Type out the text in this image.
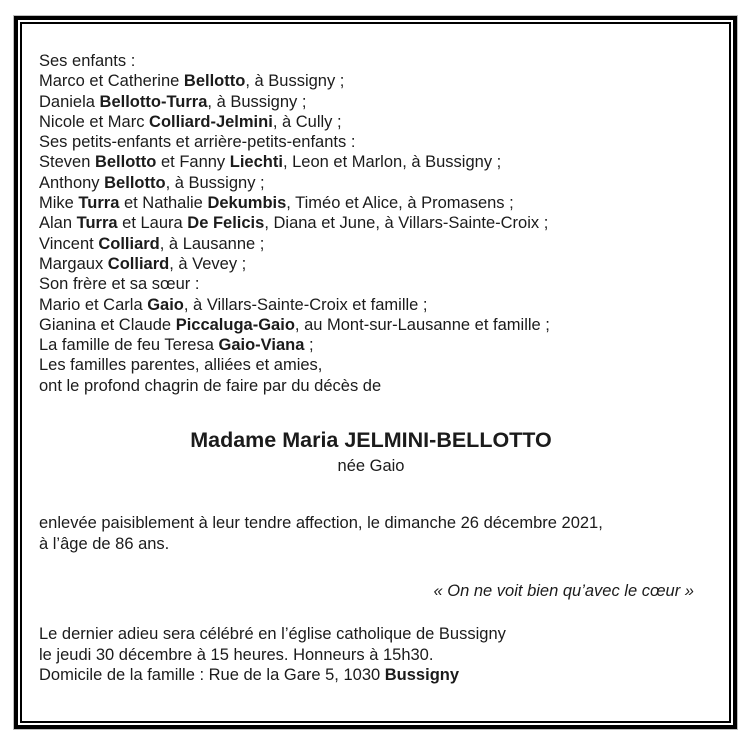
Ses enfants :
Marco et Catherine Bellotto, à Bussigny ;
Daniela Bellotto-Turra, à Bussigny ;
Nicole et Marc Colliard-Jelmini, à Cully ;
Ses petits-enfants et arrière-petits-enfants :
Steven Bellotto et Fanny Liechti, Leon et Marlon, à Bussigny ;
Anthony Bellotto, à Bussigny ;
Mike Turra et Nathalie Dekumbis, Timéo et Alice, à Promasens ;
Alan Turra et Laura De Felicis, Diana et June, à Villars-Sainte-Croix ;
Vincent Colliard, à Lausanne ;
Margaux Colliard, à Vevey ;
Son frère et sa sœur :
Mario et Carla Gaio, à Villars-Sainte-Croix et famille ;
Gianina et Claude Piccaluga-Gaio, au Mont-sur-Lausanne et famille ;
La famille de feu Teresa Gaio-Viana ;
Les familles parentes, alliées et amies,
ont le profond chagrin de faire par du décès de
Madame Maria JELMINI-BELLOTTO
née Gaio
enlevée paisiblement à leur tendre affection, le dimanche 26 décembre 2021,
à l’âge de 86 ans.
« On ne voit bien qu’avec le cœur »
Le dernier adieu sera célébré en l’église catholique de Bussigny
le jeudi 30 décembre à 15 heures. Honneurs à 15h30.
Domicile de la famille : Rue de la Gare 5, 1030 Bussigny
